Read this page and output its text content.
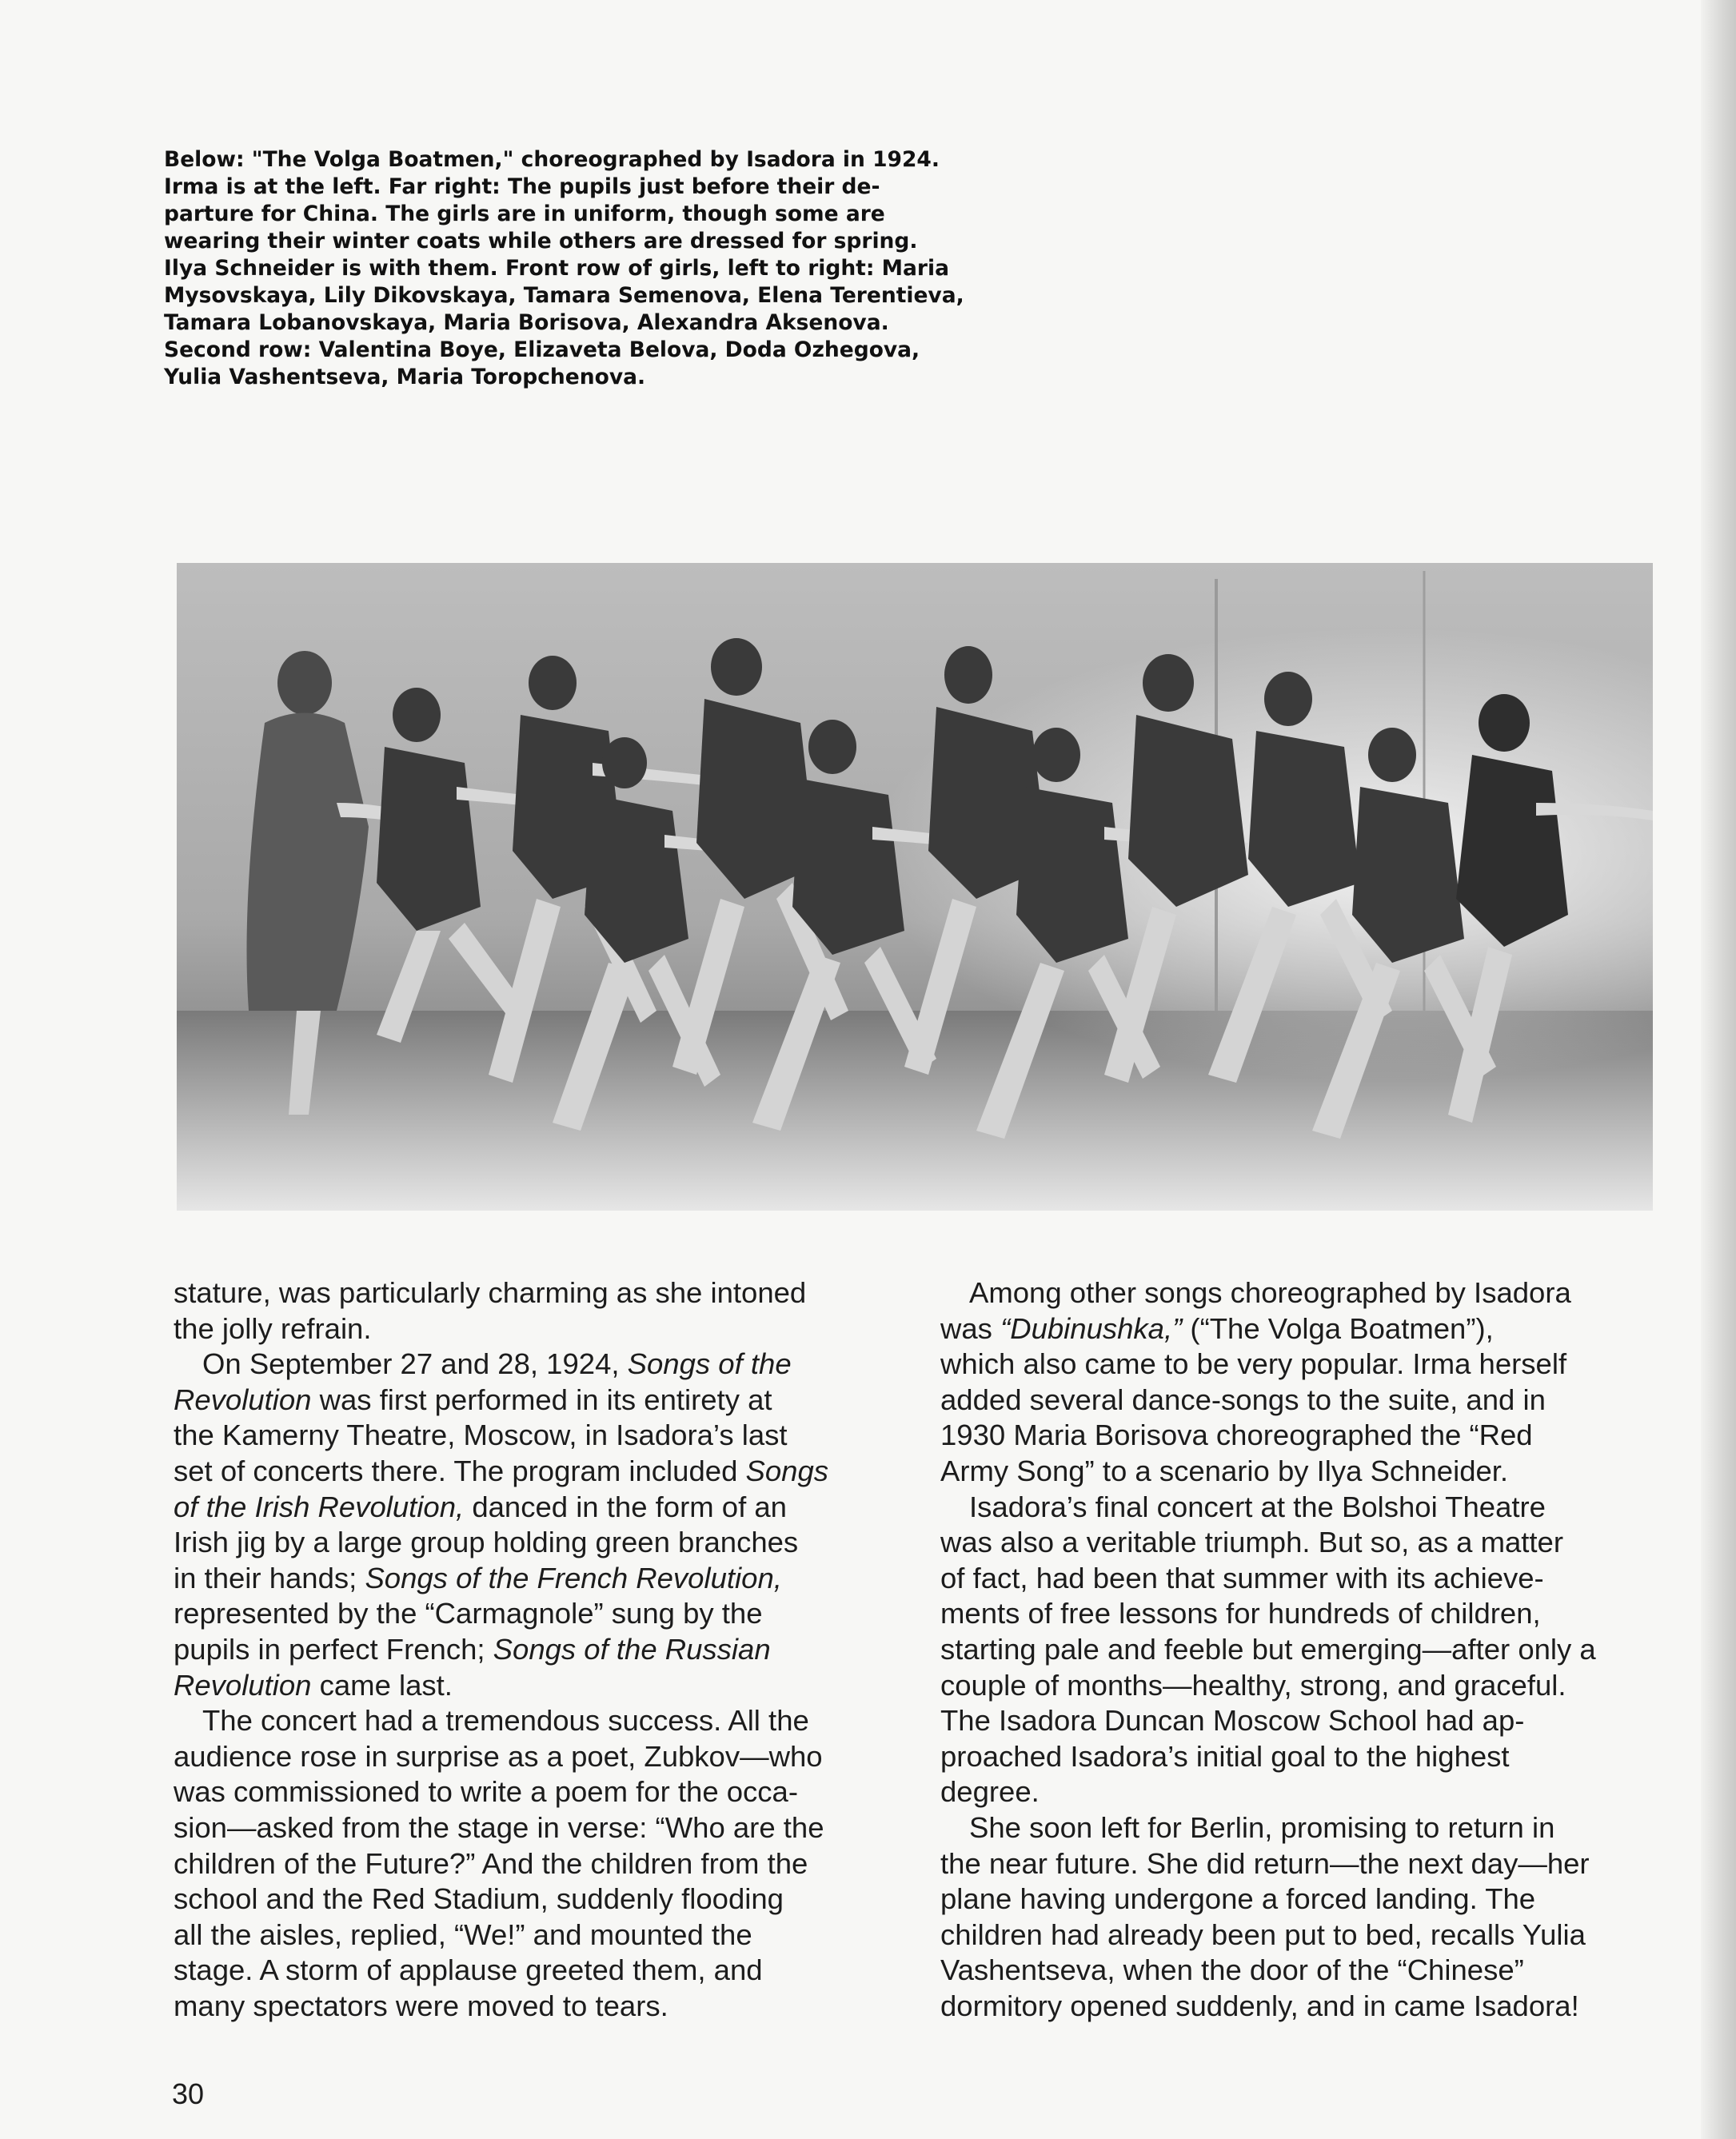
Below: "The Volga Boatmen," choreographed by Isadora in 1924.
Irma is at the left. Far right: The pupils just before their de-
parture for China. The girls are in uniform, though some are
wearing their winter coats while others are dressed for spring.
Ilya Schneider is with them. Front row of girls, left to right: Maria
Mysovskaya, Lily Dikovskaya, Tamara Semenova, Elena Terentieva,
Tamara Lobanovskaya, Maria Borisova, Alexandra Aksenova.
Second row: Valentina Boye, Elizaveta Belova, Doda Ozhegova,
Yulia Vashentseva, Maria Toropchenova.
stature, was particularly charming as she intoned
the jolly refrain.
On September 27 and 28, 1924, Songs of the
Revolution was first performed in its entirety at
the Kamerny Theatre, Moscow, in Isadora’s last
set of concerts there. The program included Songs
of the Irish Revolution, danced in the form of an
Irish jig by a large group holding green branches
in their hands; Songs of the French Revolution,
represented by the “Carmagnole” sung by the
pupils in perfect French; Songs of the Russian
Revolution came last.
The concert had a tremendous success. All the
audience rose in surprise as a poet, Zubkov—who
was commissioned to write a poem for the occa-
sion—asked from the stage in verse: “Who are the
children of the Future?” And the children from the
school and the Red Stadium, suddenly flooding
all the aisles, replied, “We!” and mounted the
stage. A storm of applause greeted them, and
many spectators were moved to tears.
Among other songs choreographed by Isadora
was “Dubinushka,” (“The Volga Boatmen”),
which also came to be very popular. Irma herself
added several dance-songs to the suite, and in
1930 Maria Borisova choreographed the “Red
Army Song” to a scenario by Ilya Schneider.
Isadora’s final concert at the Bolshoi Theatre
was also a veritable triumph. But so, as a matter
of fact, had been that summer with its achieve-
ments of free lessons for hundreds of children,
starting pale and feeble but emerging—after only a
couple of months—healthy, strong, and graceful.
The Isadora Duncan Moscow School had ap-
proached Isadora’s initial goal to the highest
degree.
She soon left for Berlin, promising to return in
the near future. She did return—the next day—her
plane having undergone a forced landing. The
children had already been put to bed, recalls Yulia
Vashentseva, when the door of the “Chinese”
dormitory opened suddenly, and in came Isadora!
30
